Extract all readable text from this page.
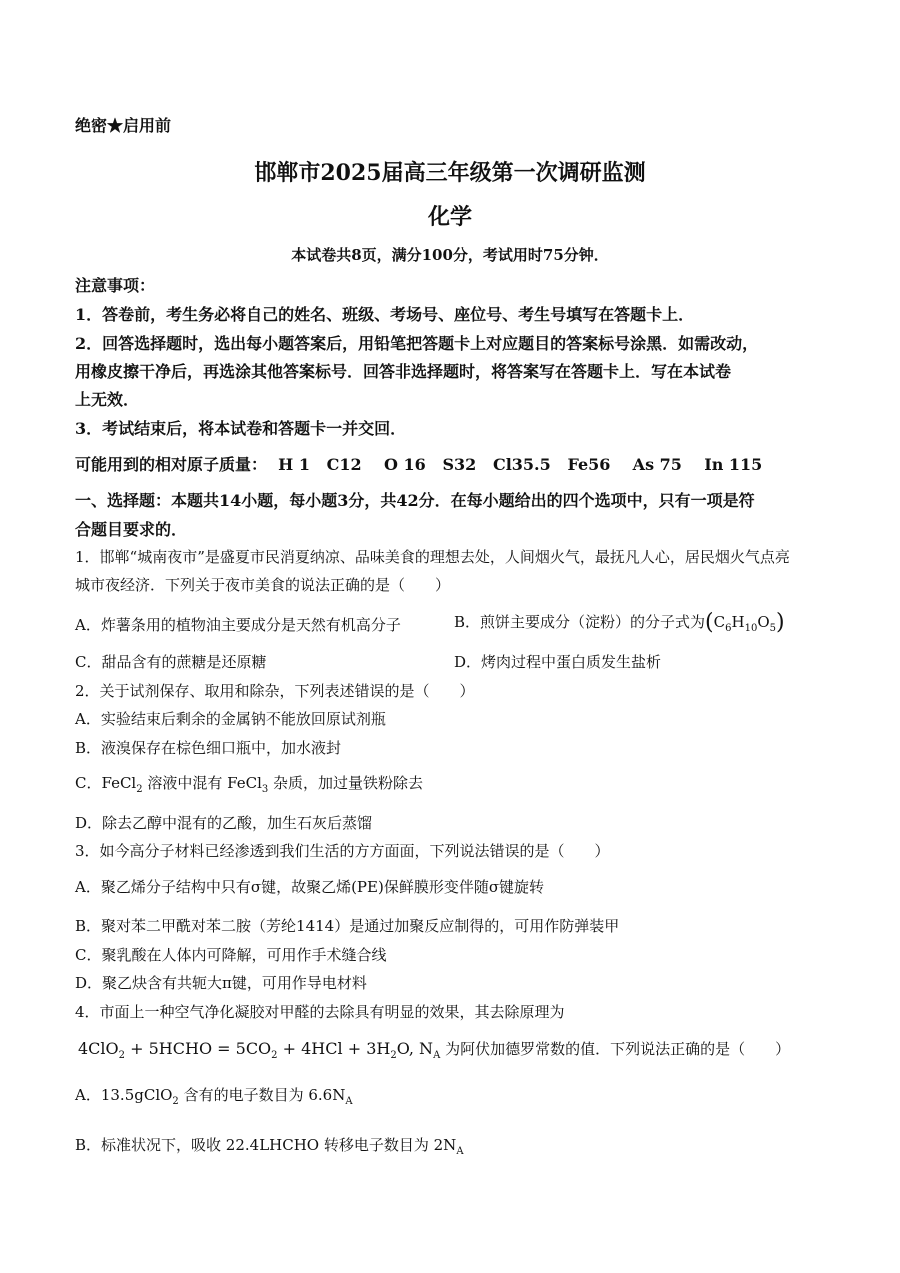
绝密★启用前
邯郸市2025届高三年级第一次调研监测
化学
本试卷共8页，满分100分，考试用时75分钟．
注意事项：
1．答卷前，考生务必将自己的姓名、班级、考场号、座位号、考生号填写在答题卡上．
2．回答选择题时，选出每小题答案后，用铅笔把答题卡上对应题目的答案标号涂黑．如需改动，
用橡皮擦干净后，再选涂其他答案标号．回答非选择题时，将答案写在答题卡上．写在本试卷
上无效．
3．考试结束后，将本试卷和答题卡一并交回．
可能用到的相对原子质量：  H 1   C12    O 16   S32   Cl35.5   Fe56    As 75    In 115
一、选择题：本题共14小题，每小题3分，共42分．在每小题给出的四个选项中，只有一项是符
合题目要求的．
1．邯郸“城南夜市”是盛夏市民消夏纳凉、品味美食的理想去处，人间烟火气，最抚凡人心，居民烟火气点亮
城市夜经济．下列关于夜市美食的说法正确的是（　　）
A．炸薯条用的植物油主要成分是天然有机高分子	B．煎饼主要成分（淀粉）的分子式为$(C_6H_{10}O_5)$
C．甜品含有的蔗糖是还原糖	D．烤肉过程中蛋白质发生盐析
2．关于试剂保存、取用和除杂，下列表述错误的是（　　）
A．实验结束后剩余的金属钠不能放回原试剂瓶
B．液溴保存在棕色细口瓶中，加水液封
C．FeCl$_2$ 溶液中混有 FeCl$_3$ 杂质，加过量铁粉除去
D．除去乙醇中混有的乙酸，加生石灰后蒸馏
3．如今高分子材料已经渗透到我们生活的方方面面，下列说法错误的是（　　）
A．聚乙烯分子结构中只有σ键，故聚乙烯(PE)保鲜膜形变伴随σ键旋转
B．聚对苯二甲酰对苯二胺（芳纶1414）是通过加聚反应制得的，可用作防弹装甲
C．聚乳酸在人体内可降解，可用作手术缝合线
D．聚乙炔含有共轭大π键，可用作导电材料
4．市面上一种空气净化凝胶对甲醛的去除具有明显的效果，其去除原理为
4ClO$_2$ + 5HCHO = $5CO_2 + 4HCl + 3H_2O$, $N_A$ 为阿伏加德罗常数的值．下列说法正确的是（　　）
A．13.5gClO$_2$ 含有的电子数目为 $6.6N_A$
B．标准状况下，吸收 22.4LHCHO 转移电子数目为 $2N_A$
